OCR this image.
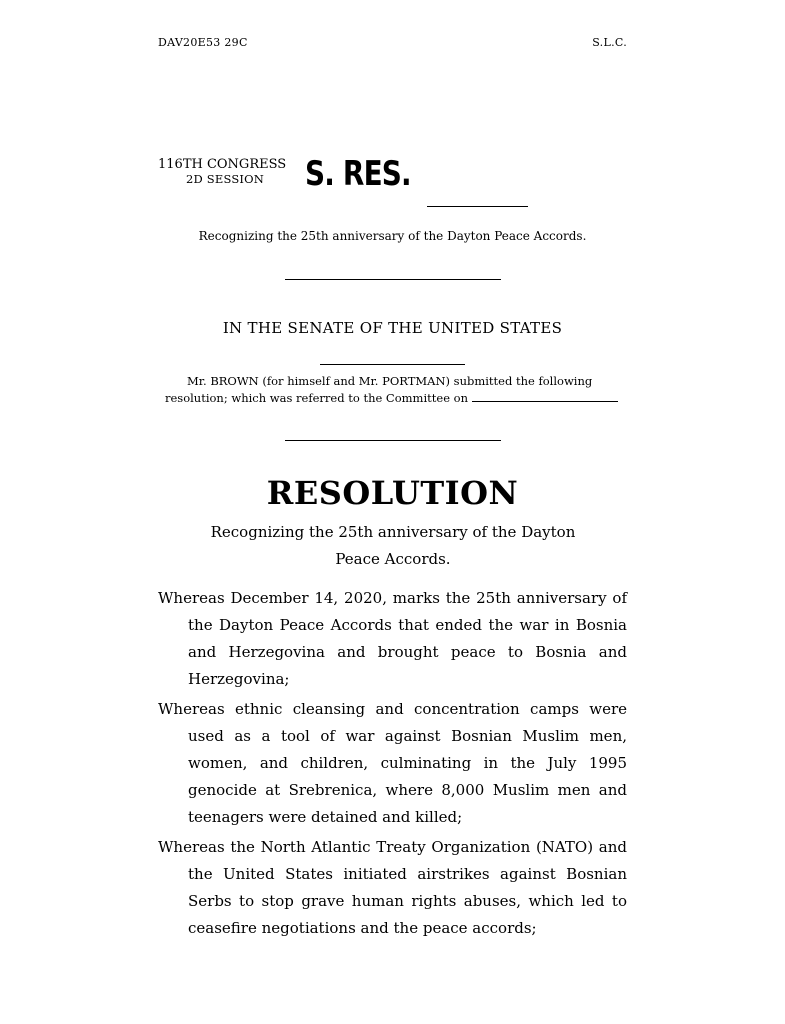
DAV20E53 29C	S.L.C.
116TH CONGRESS
2D SESSION	S. RES.
Recognizing the 25th anniversary of the Dayton Peace Accords.
IN THE SENATE OF THE UNITED STATES
Mr. BROWN (for himself and Mr. PORTMAN) submitted the following
resolution; which was referred to the Committee on
RESOLUTION
Recognizing the 25th anniversary of the Dayton Peace Accords.

Whereas December 14, 2020, marks the 25th anniversary of the Dayton Peace Accords that ended the war in Bosnia and Herzegovina and brought peace to Bosnia and Herzegovina;

Whereas ethnic cleansing and concentration camps were used as a tool of war against Bosnian Muslim men, women, and children, culminating in the July 1995 genocide at Srebrenica, where 8,000 Muslim men and teenagers were detained and killed;

Whereas the North Atlantic Treaty Organization (NATO) and the United States initiated airstrikes against Bosnian Serbs to stop grave human rights abuses, which led to ceasefire negotiations and the peace accords;
